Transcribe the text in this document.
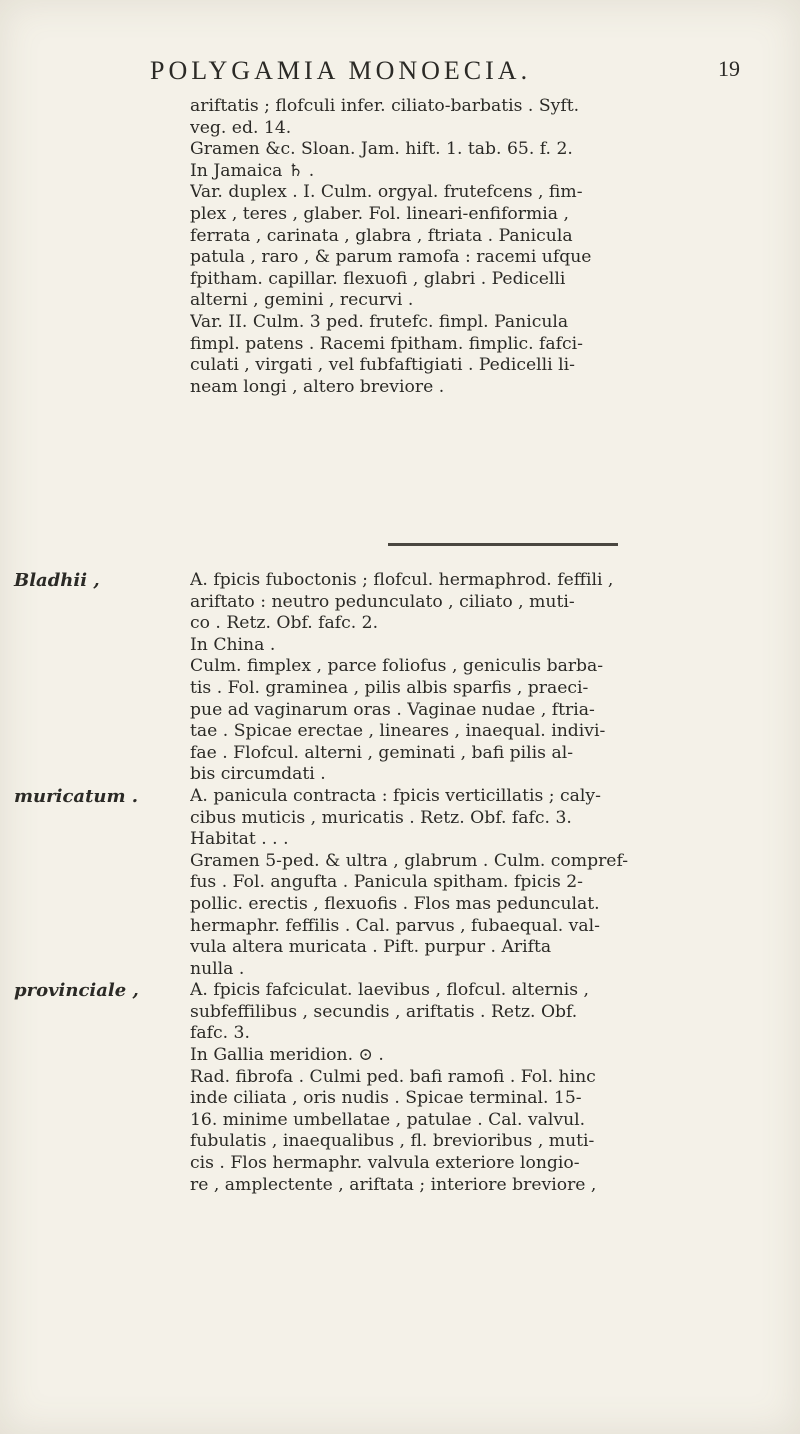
POLYGAMIA MONOECIA.	19
ariftatis ; flofculi infer. ciliato-barbatis . Syft.
veg. ed. 14.
Gramen &c. Sloan. Jam. hift. 1. tab. 65. f. 2.
In Jamaica ♄ .
Var. duplex . I. Culm. orgyal. frutefcens , fim-
plex , teres , glaber. Fol. lineari-enfiformia ,
ferrata , carinata , glabra , ftriata . Panicula
patula , raro , & parum ramofa : racemi ufque
fpitham. capillar. flexuofi , glabri . Pedicelli
alterni , gemini , recurvi .
Var. II. Culm. 3 ped. frutefc. fimpl. Panicula
fimpl. patens . Racemi fpitham. fimplic. fafci-
culati , virgati , vel fubfaftigiati . Pedicelli li-
neam longi , altero breviore .
Bladhii ,	A. fpicis fuboctonis ; flofcul. hermaphrod. feffili ,
ariftato : neutro pedunculato , ciliato , muti-
co . Retz. Obf. fafc. 2.
In China .
Culm. fimplex , parce foliofus , geniculis barba-
tis . Fol. graminea , pilis albis sparfis , praeci-
pue ad vaginarum oras . Vaginae nudae , ftria-
tae . Spicae erectae , lineares , inaequal. indivi-
fae . Flofcul. alterni , geminati , bafi pilis al-
bis circumdati .
muricatum .	A. panicula contracta : fpicis verticillatis ; caly-
cibus muticis , muricatis . Retz. Obf. fafc. 3.
Habitat . . .
Gramen 5-ped. & ultra , glabrum . Culm. compref-
fus . Fol. angufta . Panicula spitham. fpicis 2-
pollic. erectis , flexuofis . Flos mas pedunculat.
hermaphr. feffilis . Cal. parvus , fubaequal. val-
vula altera muricata . Pift. purpur . Arifta
nulla .
provinciale ,	A. fpicis fafciculat. laevibus , flofcul. alternis ,
subfeffilibus , secundis , ariftatis . Retz. Obf.
fafc. 3.
In Gallia meridion. ⊙ .
Rad. fibrofa . Culmi ped. bafi ramofi . Fol. hinc
inde ciliata , oris nudis . Spicae terminal. 15-
16. minime umbellatae , patulae . Cal. valvul.
fubulatis , inaequalibus , fl. brevioribus , muti-
cis . Flos hermaphr. valvula exteriore longio-
re , amplectente , ariftata ; interiore breviore ,
